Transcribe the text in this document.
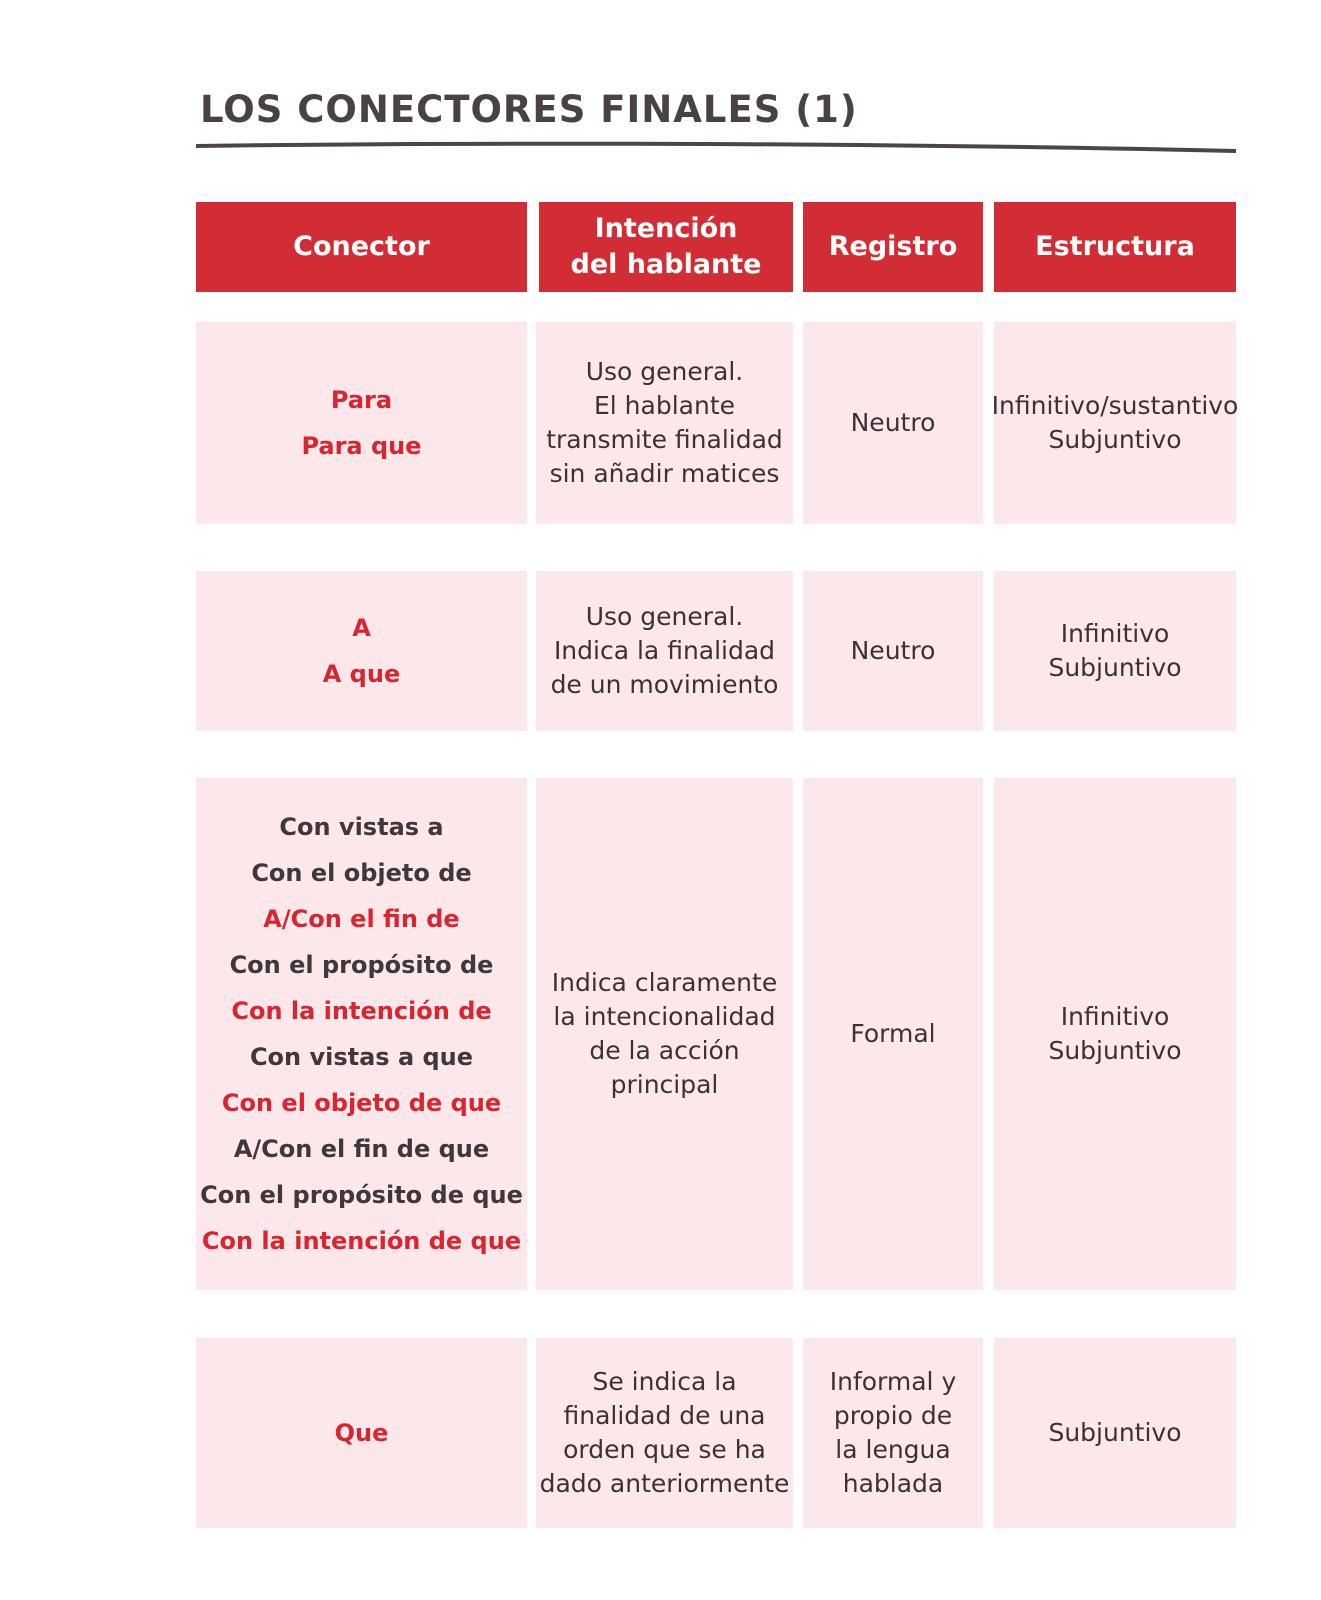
LOS CONECTORES FINALES (1)
Conector
Intención
del hablante
Registro	Estructura
Para
Para que
Uso general.
El hablante
transmite finalidad
sin añadir matices
Neutro
Infinitivo/sustantivo
Subjuntivo
A
A que
Uso general.
Indica la finalidad
de un movimiento
Neutro
Infinitivo
Subjuntivo
Con vistas a
Con el objeto de
A/Con el fin de
Con el propósito de
Con la intención de
Con vistas a que
Con el objeto de que
A/Con el fin de que
Con el propósito de que
Con la intención de que
Indica claramente
la intencionalidad
de la acción
principal
Formal
Infinitivo
Subjuntivo
Que
Se indica la
finalidad de una
orden que se ha
dado anteriormente
Informal y
propio de
la lengua
hablada
Subjuntivo
